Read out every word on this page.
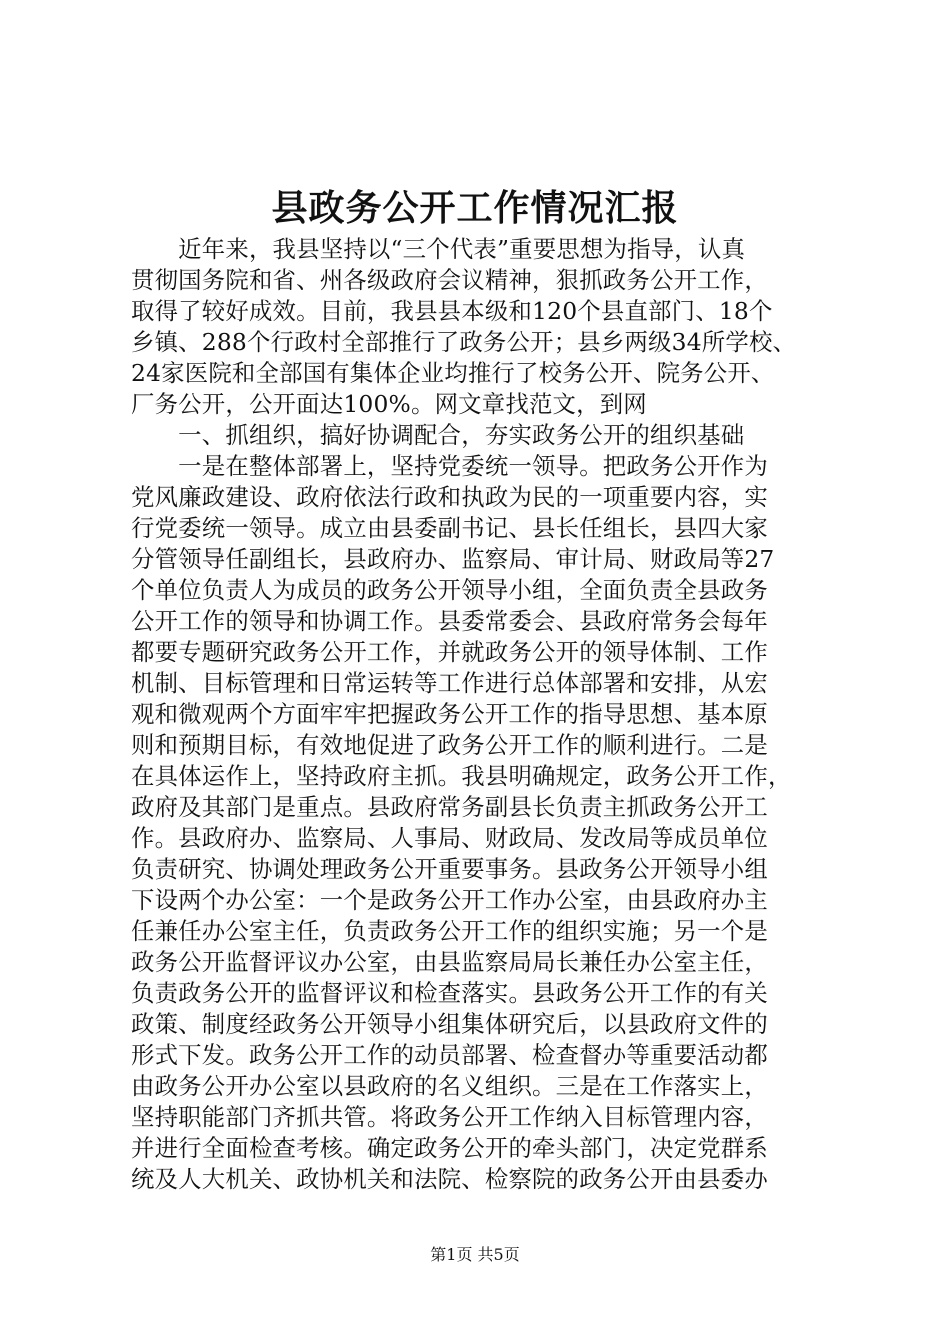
县政务公开工作情况汇报
　　近年来，我县坚持以“三个代表”重要思想为指导，认真
贯彻国务院和省、州各级政府会议精神，狠抓政务公开工作，
取得了较好成效。目前，我县县本级和120个县直部门、18个
乡镇、288个行政村全部推行了政务公开；县乡两级34所学校、
24家医院和全部国有集体企业均推行了校务公开、院务公开、
厂务公开，公开面达100%。网文章找范文，到网
　　一、抓组织，搞好协调配合，夯实政务公开的组织基础
　　一是在整体部署上，坚持党委统一领导。把政务公开作为
党风廉政建设、政府依法行政和执政为民的一项重要内容，实
行党委统一领导。成立由县委副书记、县长任组长，县四大家
分管领导任副组长，县政府办、监察局、审计局、财政局等27
个单位负责人为成员的政务公开领导小组，全面负责全县政务
公开工作的领导和协调工作。县委常委会、县政府常务会每年
都要专题研究政务公开工作，并就政务公开的领导体制、工作
机制、目标管理和日常运转等工作进行总体部署和安排，从宏
观和微观两个方面牢牢把握政务公开工作的指导思想、基本原
则和预期目标，有效地促进了政务公开工作的顺利进行。二是
在具体运作上，坚持政府主抓。我县明确规定，政务公开工作，
政府及其部门是重点。县政府常务副县长负责主抓政务公开工
作。县政府办、监察局、人事局、财政局、发改局等成员单位
负责研究、协调处理政务公开重要事务。县政务公开领导小组
下设两个办公室：一个是政务公开工作办公室，由县政府办主
任兼任办公室主任，负责政务公开工作的组织实施；另一个是
政务公开监督评议办公室，由县监察局局长兼任办公室主任，
负责政务公开的监督评议和检查落实。县政务公开工作的有关
政策、制度经政务公开领导小组集体研究后，以县政府文件的
形式下发。政务公开工作的动员部署、检查督办等重要活动都
由政务公开办公室以县政府的名义组织。三是在工作落实上，
坚持职能部门齐抓共管。将政务公开工作纳入目标管理内容，
并进行全面检查考核。确定政务公开的牵头部门，决定党群系
统及人大机关、政协机关和法院、检察院的政务公开由县委办
第1页 共5页
